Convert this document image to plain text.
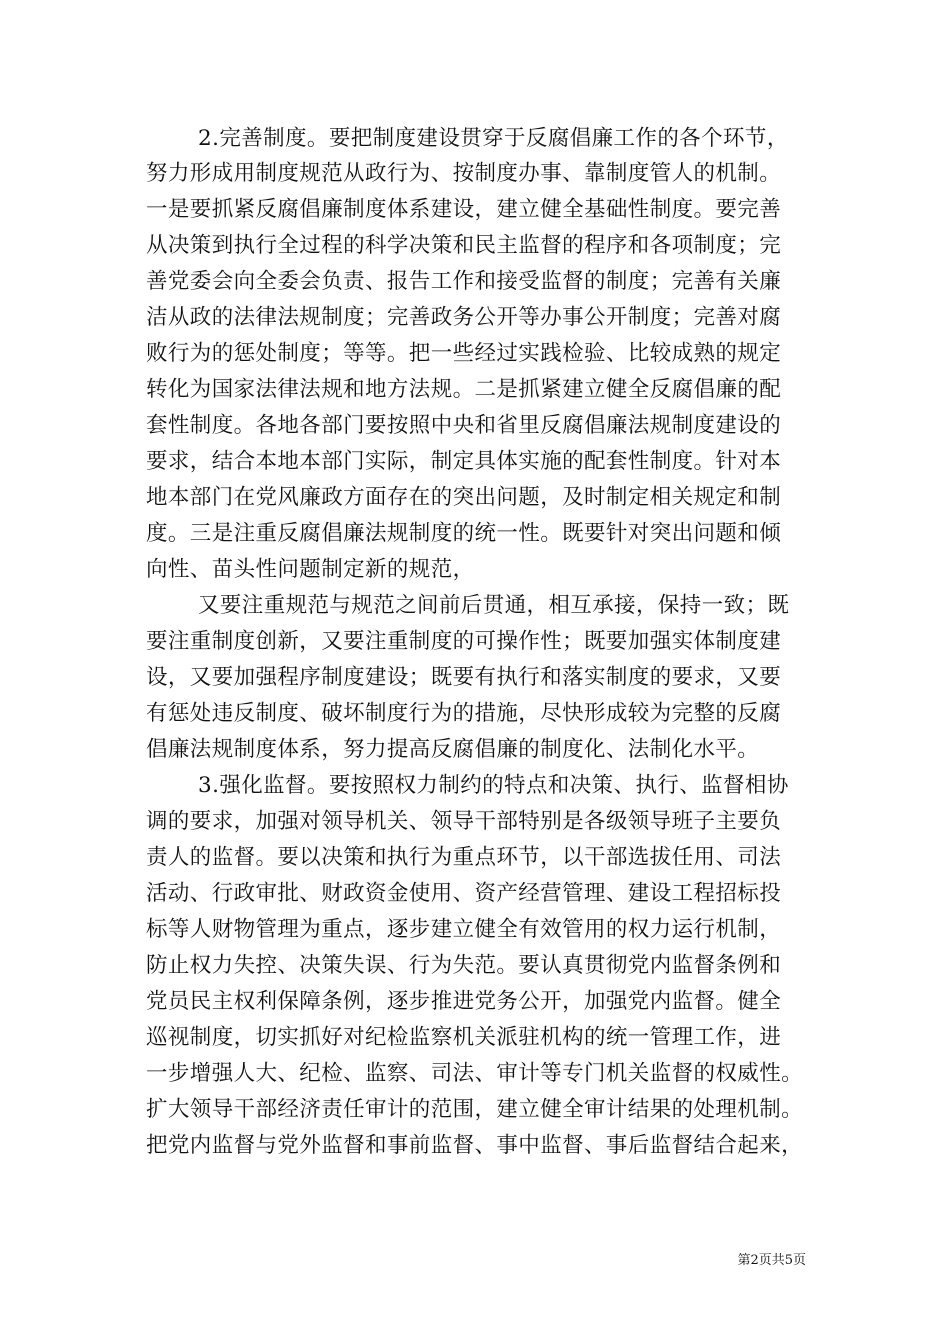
2.完善制度。要把制度建设贯穿于反腐倡廉工作的各个环节，
努力形成用制度规范从政行为、按制度办事、靠制度管人的机制。
一是要抓紧反腐倡廉制度体系建设，建立健全基础性制度。要完善
从决策到执行全过程的科学决策和民主监督的程序和各项制度；完
善党委会向全委会负责、报告工作和接受监督的制度；完善有关廉
洁从政的法律法规制度；完善政务公开等办事公开制度；完善对腐
败行为的惩处制度；等等。把一些经过实践检验、比较成熟的规定
转化为国家法律法规和地方法规。二是抓紧建立健全反腐倡廉的配
套性制度。各地各部门要按照中央和省里反腐倡廉法规制度建设的
要求，结合本地本部门实际，制定具体实施的配套性制度。针对本
地本部门在党风廉政方面存在的突出问题，及时制定相关规定和制
度。三是注重反腐倡廉法规制度的统一性。既要针对突出问题和倾
向性、苗头性问题制定新的规范，
又要注重规范与规范之间前后贯通，相互承接，保持一致；既
要注重制度创新，又要注重制度的可操作性；既要加强实体制度建
设，又要加强程序制度建设；既要有执行和落实制度的要求，又要
有惩处违反制度、破坏制度行为的措施，尽快形成较为完整的反腐
倡廉法规制度体系，努力提高反腐倡廉的制度化、法制化水平。
3.强化监督。要按照权力制约的特点和决策、执行、监督相协
调的要求，加强对领导机关、领导干部特别是各级领导班子主要负
责人的监督。要以决策和执行为重点环节，以干部选拔任用、司法
活动、行政审批、财政资金使用、资产经营管理、建设工程招标投
标等人财物管理为重点，逐步建立健全有效管用的权力运行机制，
防止权力失控、决策失误、行为失范。要认真贯彻党内监督条例和
党员民主权利保障条例，逐步推进党务公开，加强党内监督。健全
巡视制度，切实抓好对纪检监察机关派驻机构的统一管理工作，进
一步增强人大、纪检、监察、司法、审计等专门机关监督的权威性。
扩大领导干部经济责任审计的范围，建立健全审计结果的处理机制。
把党内监督与党外监督和事前监督、事中监督、事后监督结合起来，
第2页共5页
